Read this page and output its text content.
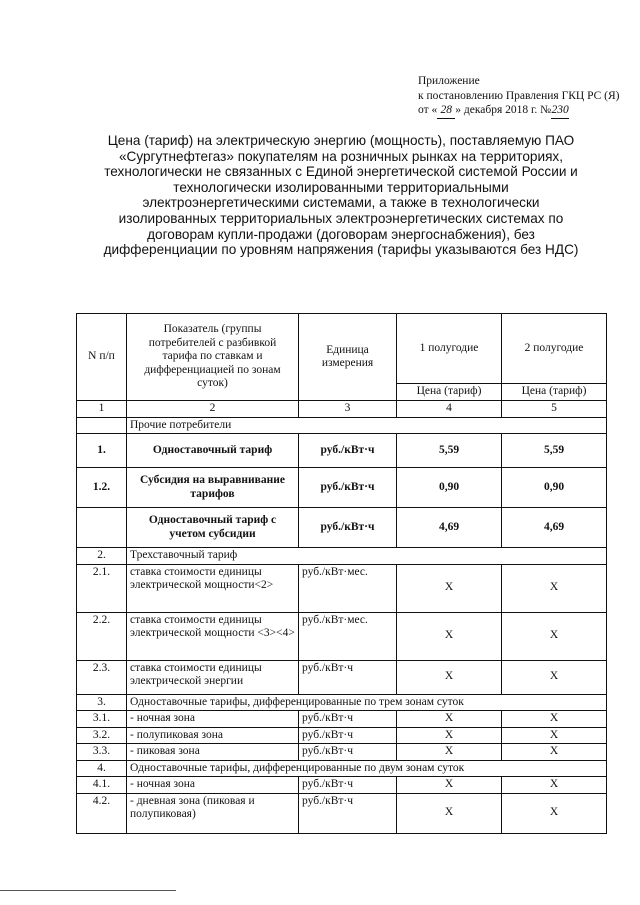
Приложение
к постановлению Правления ГКЦ РС (Я)
от « 28 » декабря 2018 г. №230
Цена (тариф) на электрическую энергию (мощность), поставляемую ПАО «Сургутнефтегаз» покупателям на розничных рынках на территориях, технологически не связанных с Единой энергетической системой России и технологически изолированными территориальными электроэнергетическими системами, а также в технологически изолированных территориальных электроэнергетических системах по договорам купли-продажи (договорам энергоснабжения), без дифференциации по уровням напряжения (тарифы указываются без НДС)
N п/п	Показатель (группы потребителей с разбивкой тарифа по ставкам и дифференциацией по зонам суток)	Единица измерения	1 полугодие	2 полугодие
			Цена (тариф)	Цена (тариф)
1	2	3	4	5
	Прочие потребители			
1.	Одноставочный тариф	руб./кВт·ч	5,59	5,59
1.2.	Субсидия на выравнивание тарифов	руб./кВт·ч	0,90	0,90
	Одноставочный тариф с учетом субсидии	руб./кВт·ч	4,69	4,69
2.	Трехставочный тариф			
2.1.	ставка стоимости единицы электрической мощности<2>	руб./кВт·мес.	X	X
2.2.	ставка стоимости единицы электрической мощности <3><4>	руб./кВт·мес.	X	X
2.3.	ставка стоимости единицы электрической энергии	руб./кВт·ч	X	X
3.	Одноставочные тарифы, дифференцированные по трем зонам суток			
3.1.	- ночная зона	руб./кВт·ч	X	X
3.2.	- полупиковая зона	руб./кВт·ч	X	X
3.3.	- пиковая зона	руб./кВт·ч	X	X
4.	Одноставочные тарифы, дифференцированные по двум зонам суток			
4.1.	- ночная зона	руб./кВт·ч	X	X
4.2.	- дневная зона (пиковая и полупиковая)	руб./кВт·ч	X	X
